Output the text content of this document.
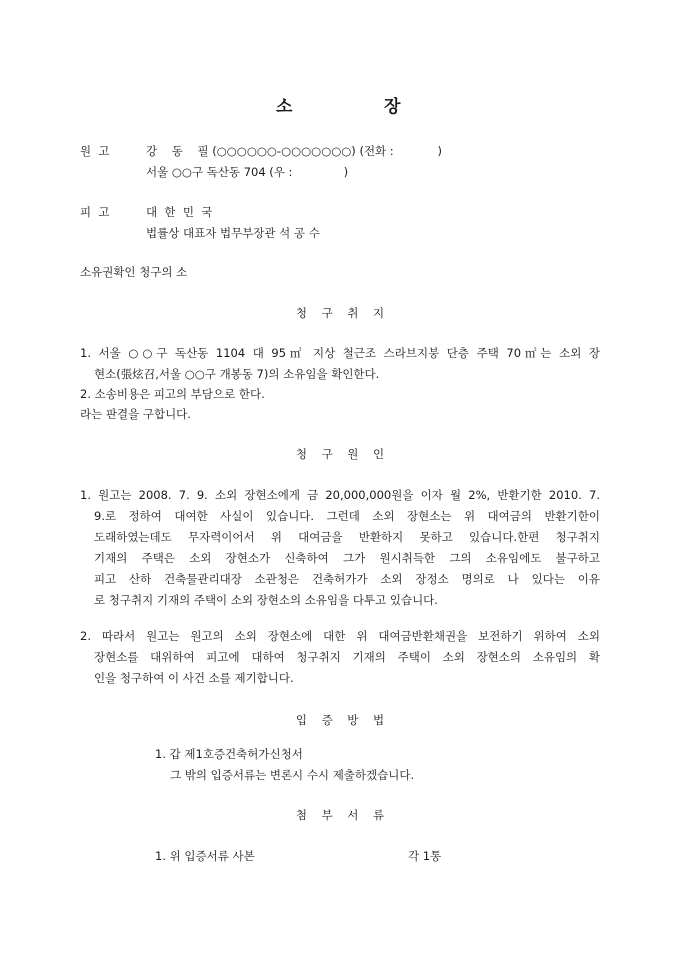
소	장
원  고	강    동    필 (○○○○○○-○○○○○○○) (전화 :            )
서울 ○○구 독산동 704 (우 :              )
피  고	대  한  민  국
법률상 대표자 법무부장관 석 공 수
소유권확인 청구의 소
청    구    취    지
1. 서울 ○○구 독산동 1104 대 95㎡ 지상 철근조 스라브지붕 단층 주택 70㎡는 소외 장
현소(張炫召,서울 ○○구 개봉동 7)의 소유임을 확인한다.
2. 소송비용은 피고의 부담으로 한다.
라는 판결을 구합니다.
청    구    원    인
1. 원고는 2008. 7. 9. 소외 장현소에게 금 20,000,000원을 이자 월 2%, 반환기한 2010. 7.
9.로 정하여 대여한 사실이 있습니다. 그런데 소외 장현소는 위 대여금의 반환기한이
도래하였는데도 무자력이어서 위 대여금을 반환하지 못하고 있습니다.한편 청구취지
기재의 주택은 소외 장현소가 신축하여 그가 원시취득한 그의 소유임에도 불구하고
피고 산하 건축물관리대장 소관청은 건축허가가 소외 장정소 명의로 나 있다는 이유
로 청구취지 기재의 주택이 소외 장현소의 소유임을 다투고 있습니다.
2. 따라서 원고는 원고의 소외 장현소에 대한 위 대여금반환채권을 보전하기 위하여 소외
장현소를 대위하여 피고에 대하여 청구취지 기재의 주택이 소외 장현소의 소유임의 확
인을 청구하여 이 사건 소를 제기합니다.
입    증    방    법
1. 갑 제1호증건축허가신청서
그 밖의 입증서류는 변론시 수시 제출하겠습니다.
첨    부    서    류
1. 위 입증서류 사본	각 1통
